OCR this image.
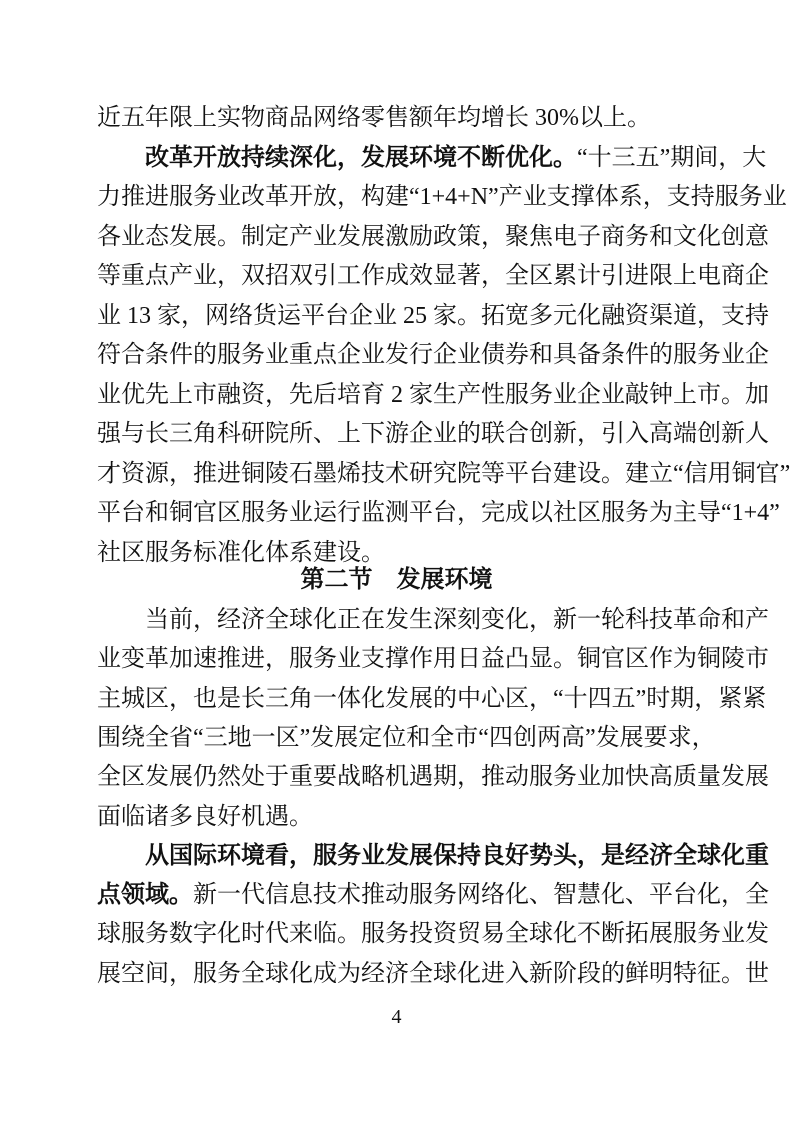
近五年限上实物商品网络零售额年均增长 30%以上。
改革开放持续深化，发展环境不断优化。“十三五”期间，大
力推进服务业改革开放，构建“1+4+N”产业支撑体系，支持服务业
各业态发展。制定产业发展激励政策，聚焦电子商务和文化创意
等重点产业，双招双引工作成效显著，全区累计引进限上电商企
业 13 家，网络货运平台企业 25 家。拓宽多元化融资渠道，支持
符合条件的服务业重点企业发行企业债券和具备条件的服务业企
业优先上市融资，先后培育 2 家生产性服务业企业敲钟上市。加
强与长三角科研院所、上下游企业的联合创新，引入高端创新人
才资源，推进铜陵石墨烯技术研究院等平台建设。建立“信用铜官”
平台和铜官区服务业运行监测平台，完成以社区服务为主导“1+4”
社区服务标准化体系建设。
第二节 发展环境
当前，经济全球化正在发生深刻变化，新一轮科技革命和产
业变革加速推进，服务业支撑作用日益凸显。铜官区作为铜陵市
主城区，也是长三角一体化发展的中心区，“十四五”时期，紧紧
围绕全省“三地一区”发展定位和全市“四创两高”发展要求，
全区发展仍然处于重要战略机遇期，推动服务业加快高质量发展
面临诸多良好机遇。
从国际环境看，服务业发展保持良好势头，是经济全球化重
点领域。新一代信息技术推动服务网络化、智慧化、平台化，全
球服务数字化时代来临。服务投资贸易全球化不断拓展服务业发
展空间，服务全球化成为经济全球化进入新阶段的鲜明特征。世
4
